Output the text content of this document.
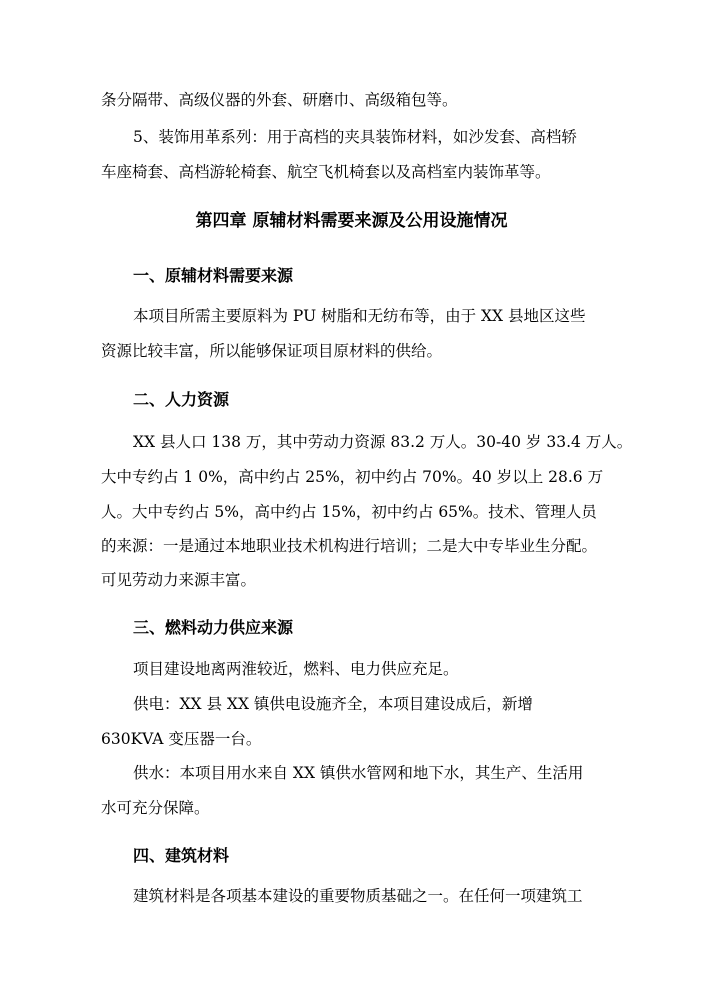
条分隔带、高级仪器的外套、研磨巾、高级箱包等。
5、装饰用革系列：用于高档的夹具装饰材料，如沙发套、高档轿
车座椅套、高档游轮椅套、航空飞机椅套以及高档室内装饰革等。
第四章 原辅材料需要来源及公用设施情况
一、原辅材料需要来源
本项目所需主要原料为 PU 树脂和无纺布等，由于 XX 县地区这些
资源比较丰富，所以能够保证项目原材料的供给。
二、人力资源
XX 县人口 138 万，其中劳动力资源 83.2 万人。30-40 岁 33.4 万人。
大中专约占 1 0%，高中约占 25%，初中约占 70%。40 岁以上 28.6 万
人。大中专约占 5%，高中约占 15%，初中约占 65%。技术、管理人员
的来源：一是通过本地职业技术机构进行培训；二是大中专毕业生分配。
可见劳动力来源丰富。
三、燃料动力供应来源
项目建设地离两淮较近，燃料、电力供应充足。
供电：XX 县 XX 镇供电设施齐全，本项目建设成后，新增
630KVA 变压器一台。
供水：本项目用水来自 XX 镇供水管网和地下水，其生产、生活用
水可充分保障。
四、建筑材料
建筑材料是各项基本建设的重要物质基础之一。在任何一项建筑工
